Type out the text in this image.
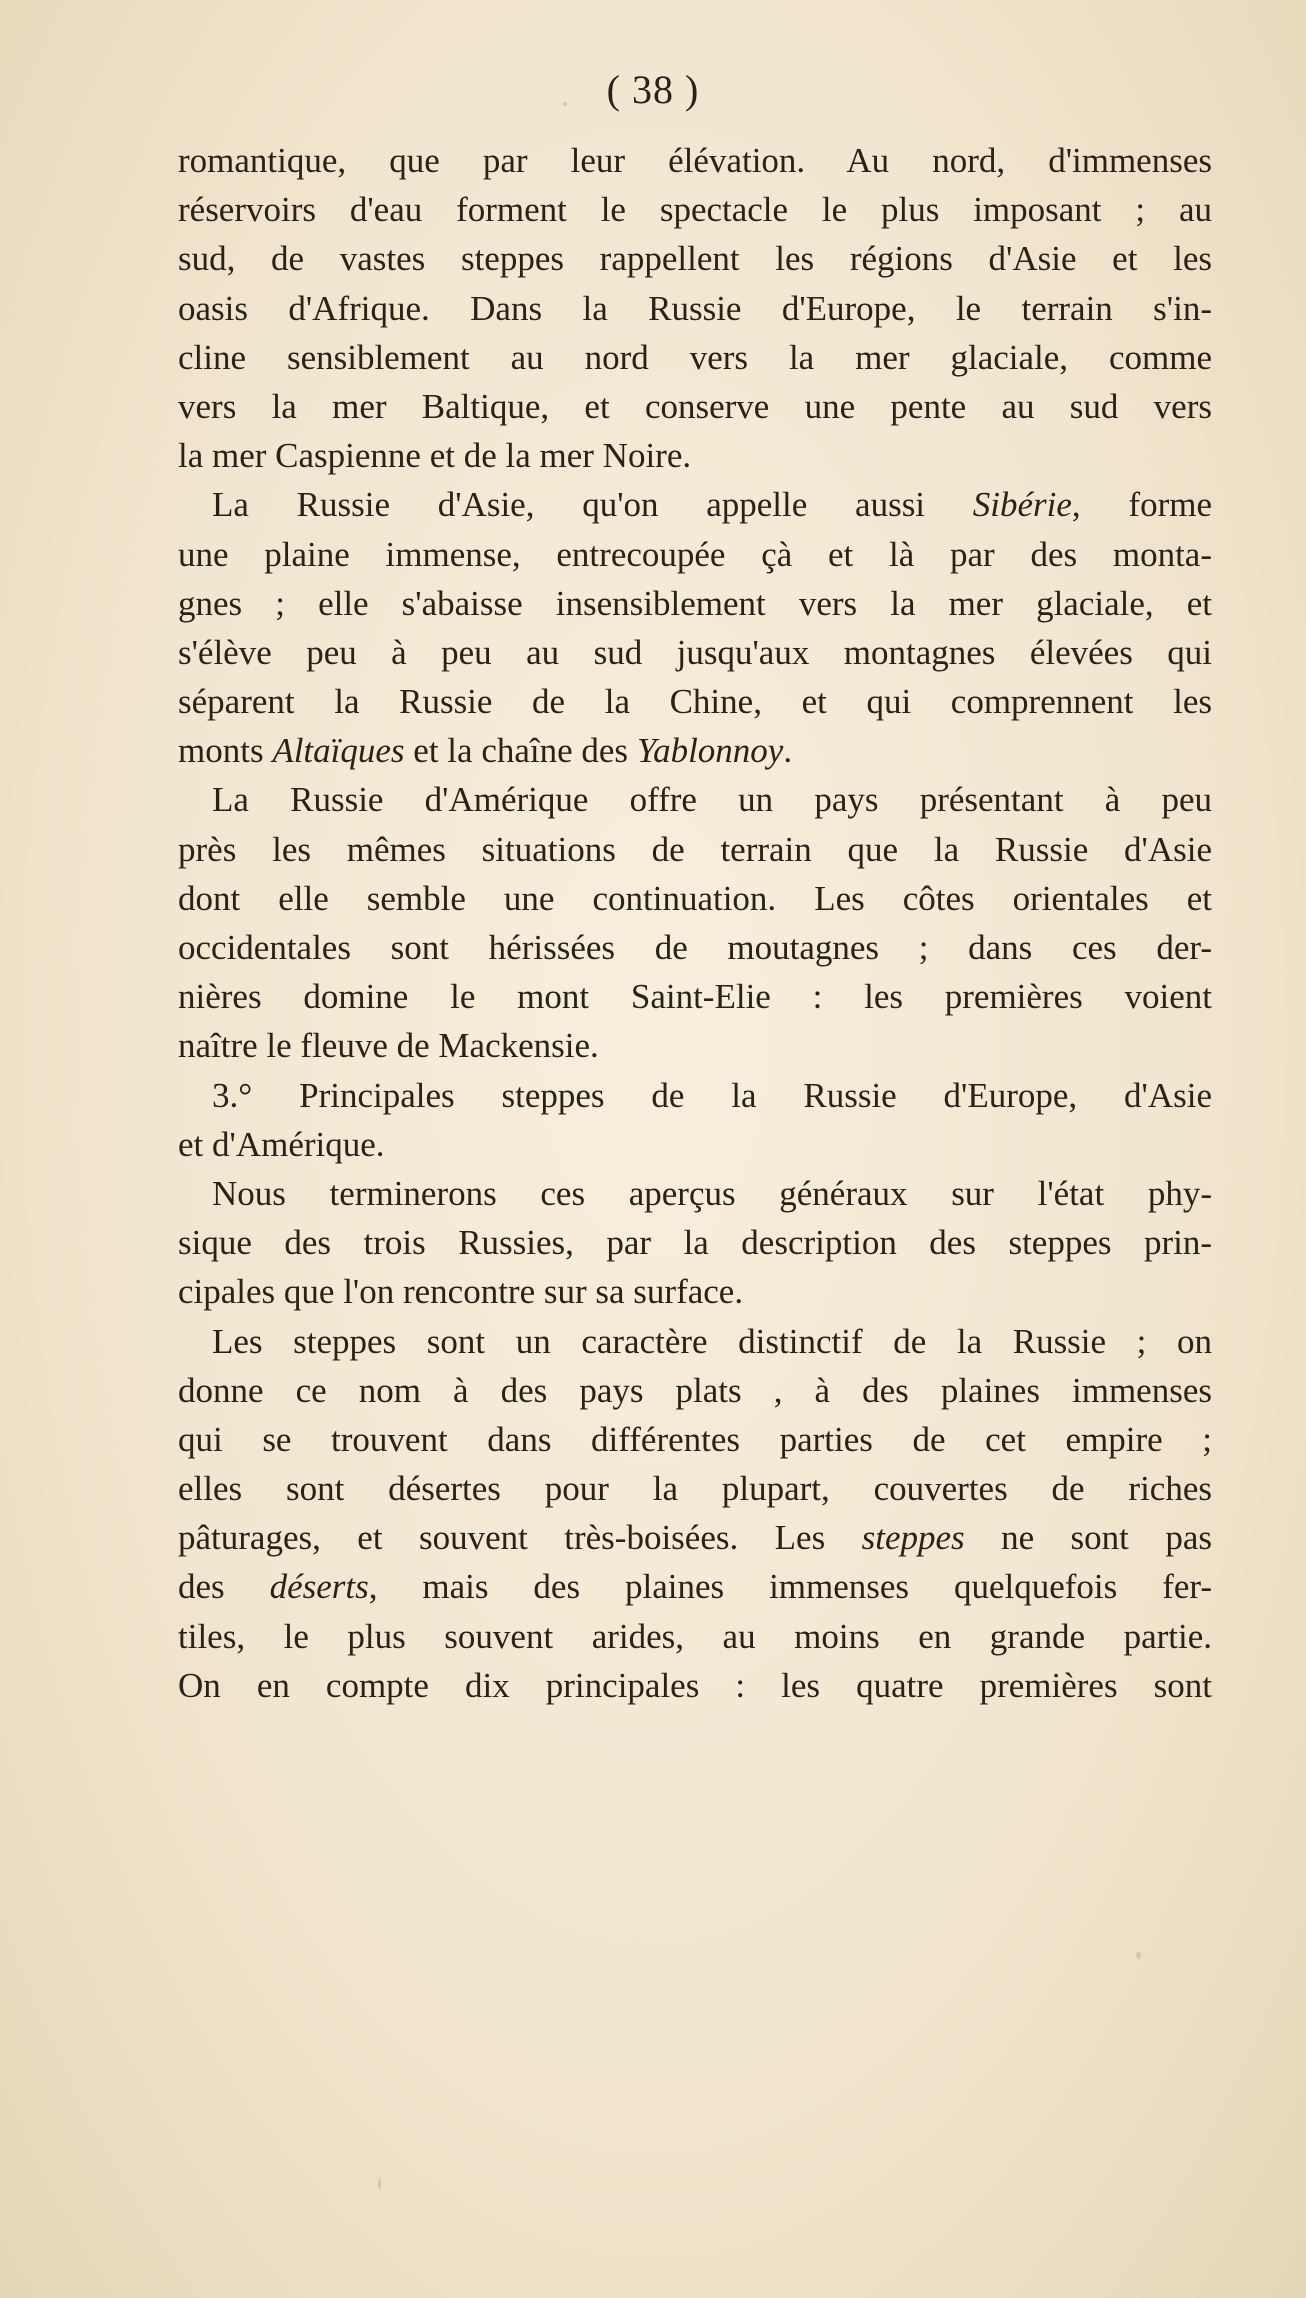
( 38 )
romantique, que par leur élévation. Au nord, d'immenses
réservoirs d'eau forment le spectacle le plus imposant ; au
sud, de vastes steppes rappellent les régions d'Asie et les
oasis d'Afrique. Dans la Russie d'Europe, le terrain s'in-
cline sensiblement au nord vers la mer glaciale, comme
vers la mer Baltique, et conserve une pente au sud vers
la mer Caspienne et de la mer Noire.
La Russie d'Asie, qu'on appelle aussi Sibérie, forme
une plaine immense, entrecoupée çà et là par des monta-
gnes ; elle s'abaisse insensiblement vers la mer glaciale, et
s'élève peu à peu au sud jusqu'aux montagnes élevées qui
séparent la Russie de la Chine, et qui comprennent les
monts Altaïques et la chaîne des Yablonnoy.
La Russie d'Amérique offre un pays présentant à peu
près les mêmes situations de terrain que la Russie d'Asie
dont elle semble une continuation. Les côtes orientales et
occidentales sont hérissées de moutagnes ; dans ces der-
nières domine le mont Saint-Elie : les premières voient
naître le fleuve de Mackensie.
3.° Principales steppes de la Russie d'Europe, d'Asie
et d'Amérique.
Nous terminerons ces aperçus généraux sur l'état phy-
sique des trois Russies, par la description des steppes prin-
cipales que l'on rencontre sur sa surface.
Les steppes sont un caractère distinctif de la Russie ; on
donne ce nom à des pays plats , à des plaines immenses
qui se trouvent dans différentes parties de cet empire ;
elles sont désertes pour la plupart, couvertes de riches
pâturages, et souvent très-boisées. Les steppes ne sont pas
des déserts, mais des plaines immenses quelquefois fer-
tiles, le plus souvent arides, au moins en grande partie.
On en compte dix principales : les quatre premières sont
